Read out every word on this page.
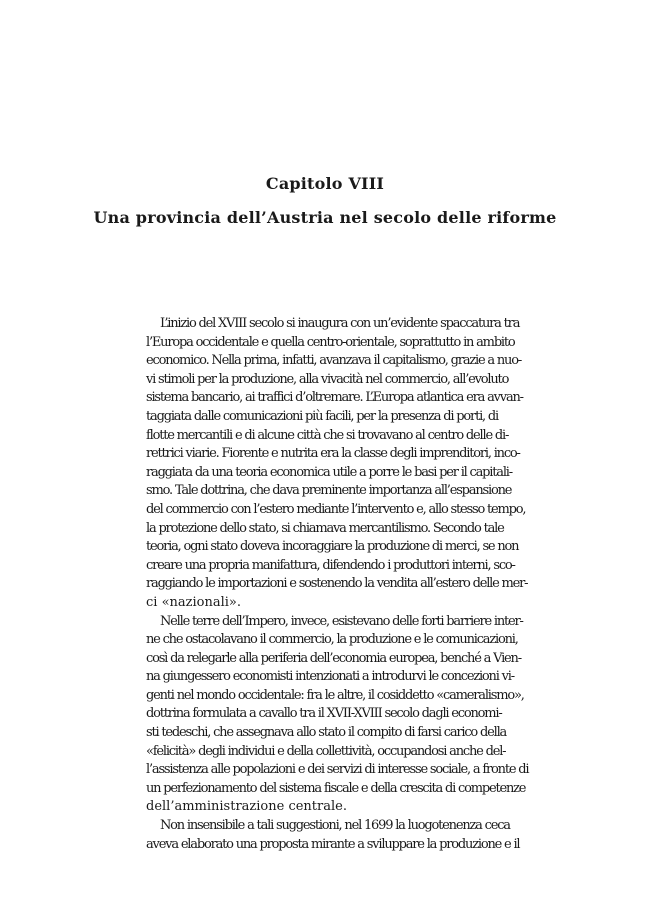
Capitolo VIII
Una provincia dell’Austria nel secolo delle riforme
L’inizio del XVIII secolo si inaugura con un’evidente spaccatura tra
l’Europa occidentale e quella centro-orientale, soprattutto in ambito
economico. Nella prima, infatti, avanzava il capitalismo, grazie a nuo-
vi stimoli per la produzione, alla vivacità nel commercio, all’evoluto
sistema bancario, ai traffici d’oltremare. L’Europa atlantica era avvan-
taggiata dalle comunicazioni più facili, per la presenza di porti, di
flotte mercantili e di alcune città che si trovavano al centro delle di-
rettrici viarie. Fiorente e nutrita era la classe degli imprenditori, inco-
raggiata da una teoria economica utile a porre le basi per il capitali-
smo. Tale dottrina, che dava preminente importanza all’espansione
del commercio con l’estero mediante l’intervento e, allo stesso tempo,
la protezione dello stato, si chiamava mercantilismo. Secondo tale
teoria, ogni stato doveva incoraggiare la produzione di merci, se non
creare una propria manifattura, difendendo i produttori interni, sco-
raggiando le importazioni e sostenendo la vendita all’estero delle mer-
ci «nazionali».
Nelle terre dell’Impero, invece, esistevano delle forti barriere inter-
ne che ostacolavano il commercio, la produzione e le comunicazioni,
così da relegarle alla periferia dell’economia europea, benché a Vien-
na giungessero economisti intenzionati a introdurvi le concezioni vi-
genti nel mondo occidentale: fra le altre, il cosiddetto «cameralismo»,
dottrina formulata a cavallo tra il XVII-XVIII secolo dagli economi-
sti tedeschi, che assegnava allo stato il compito di farsi carico della
«felicità» degli individui e della collettività, occupandosi anche del-
l’assistenza alle popolazioni e dei servizi di interesse sociale, a fronte di
un perfezionamento del sistema fiscale e della crescita di competenze
dell’amministrazione centrale.
Non insensibile a tali suggestioni, nel 1699 la luogotenenza ceca
aveva elaborato una proposta mirante a sviluppare la produzione e il
